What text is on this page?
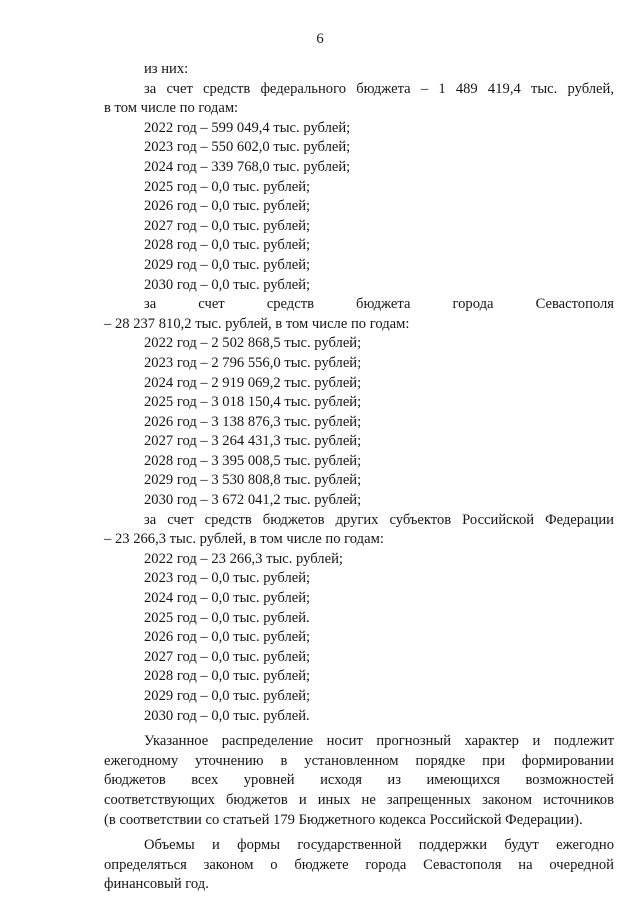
6
из них:
за счет средств федерального бюджета – 1 489 419,4 тыс. рублей,
в том числе по годам:
2022 год – 599 049,4 тыс. рублей;
2023 год – 550 602,0 тыс. рублей;
2024 год – 339 768,0 тыс. рублей;
2025 год – 0,0 тыс. рублей;
2026 год – 0,0 тыс. рублей;
2027 год – 0,0 тыс. рублей;
2028 год – 0,0 тыс. рублей;
2029 год – 0,0 тыс. рублей;
2030 год – 0,0 тыс. рублей;
за счет средств бюджета города Севастополя
– 28 237 810,2 тыс. рублей, в том числе по годам:
2022 год – 2 502 868,5 тыс. рублей;
2023 год – 2 796 556,0 тыс. рублей;
2024 год – 2 919 069,2 тыс. рублей;
2025 год – 3 018 150,4 тыс. рублей;
2026 год – 3 138 876,3 тыс. рублей;
2027 год – 3 264 431,3 тыс. рублей;
2028 год – 3 395 008,5 тыс. рублей;
2029 год – 3 530 808,8 тыс. рублей;
2030 год – 3 672 041,2 тыс. рублей;
за счет средств бюджетов других субъектов Российской Федерации
– 23 266,3 тыс. рублей, в том числе по годам:
2022 год – 23 266,3 тыс. рублей;
2023 год – 0,0 тыс. рублей;
2024 год – 0,0 тыс. рублей;
2025 год – 0,0 тыс. рублей.
2026 год – 0,0 тыс. рублей;
2027 год – 0,0 тыс. рублей;
2028 год – 0,0 тыс. рублей;
2029 год – 0,0 тыс. рублей;
2030 год – 0,0 тыс. рублей.
Указанное распределение носит прогнозный характер и подлежит
ежегодному уточнению в установленном порядке при формировании
бюджетов всех уровней исходя из имеющихся возможностей
соответствующих бюджетов и иных не запрещенных законом источников
(в соответствии со статьей 179 Бюджетного кодекса Российской Федерации).
Объемы и формы государственной поддержки будут ежегодно
определяться законом о бюджете города Севастополя на очередной
финансовый год.
